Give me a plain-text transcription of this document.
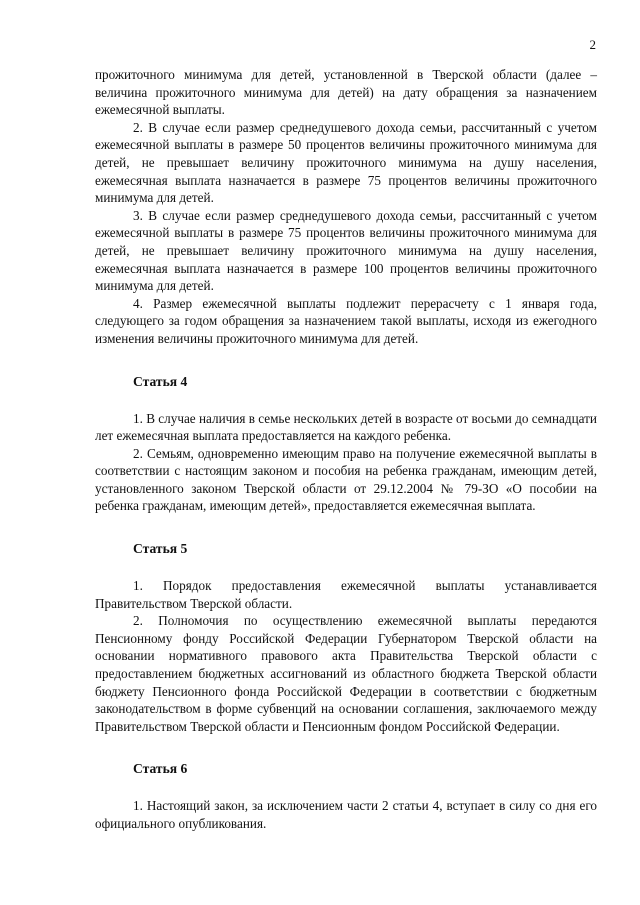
2

прожиточного минимума для детей, установленной в Тверской области (далее – величина прожиточного минимума для детей) на дату обращения за назначением ежемесячной выплаты.

2. В случае если размер среднедушевого дохода семьи, рассчитанный с учетом ежемесячной выплаты в размере 50 процентов величины прожиточного минимума для детей, не превышает величину прожиточного минимума на душу населения, ежемесячная выплата назначается в размере 75 процентов величины прожиточного минимума для детей.

3. В случае если размер среднедушевого дохода семьи, рассчитанный с учетом ежемесячной выплаты в размере 75 процентов величины прожиточного минимума для детей, не превышает величину прожиточного минимума на душу населения, ежемесячная выплата назначается в размере 100 процентов величины прожиточного минимума для детей.

4. Размер ежемесячной выплаты подлежит перерасчету с 1 января года, следующего за годом обращения за назначением такой выплаты, исходя из ежегодного изменения величины прожиточного минимума для детей.

Статья 4

1. В случае наличия в семье нескольких детей в возрасте от восьми до семнадцати лет ежемесячная выплата предоставляется на каждого ребенка.

2. Семьям, одновременно имеющим право на получение ежемесячной выплаты в соответствии с настоящим законом и пособия на ребенка гражданам, имеющим детей, установленного законом Тверской области от 29.12.2004 № 79-ЗО «О пособии на ребенка гражданам, имеющим детей», предоставляется ежемесячная выплата.

Статья 5

1. Порядок предоставления ежемесячной выплаты устанавливается Правительством Тверской области.

2. Полномочия по осуществлению ежемесячной выплаты передаются Пенсионному фонду Российской Федерации Губернатором Тверской области на основании нормативного правового акта Правительства Тверской области с предоставлением бюджетных ассигнований из областного бюджета Тверской области бюджету Пенсионного фонда Российской Федерации в соответствии с бюджетным законодательством в форме субвенций на основании соглашения, заключаемого между Правительством Тверской области и Пенсионным фондом Российской Федерации.

Статья 6

1. Настоящий закон, за исключением части 2 статьи 4, вступает в силу со дня его официального опубликования.
